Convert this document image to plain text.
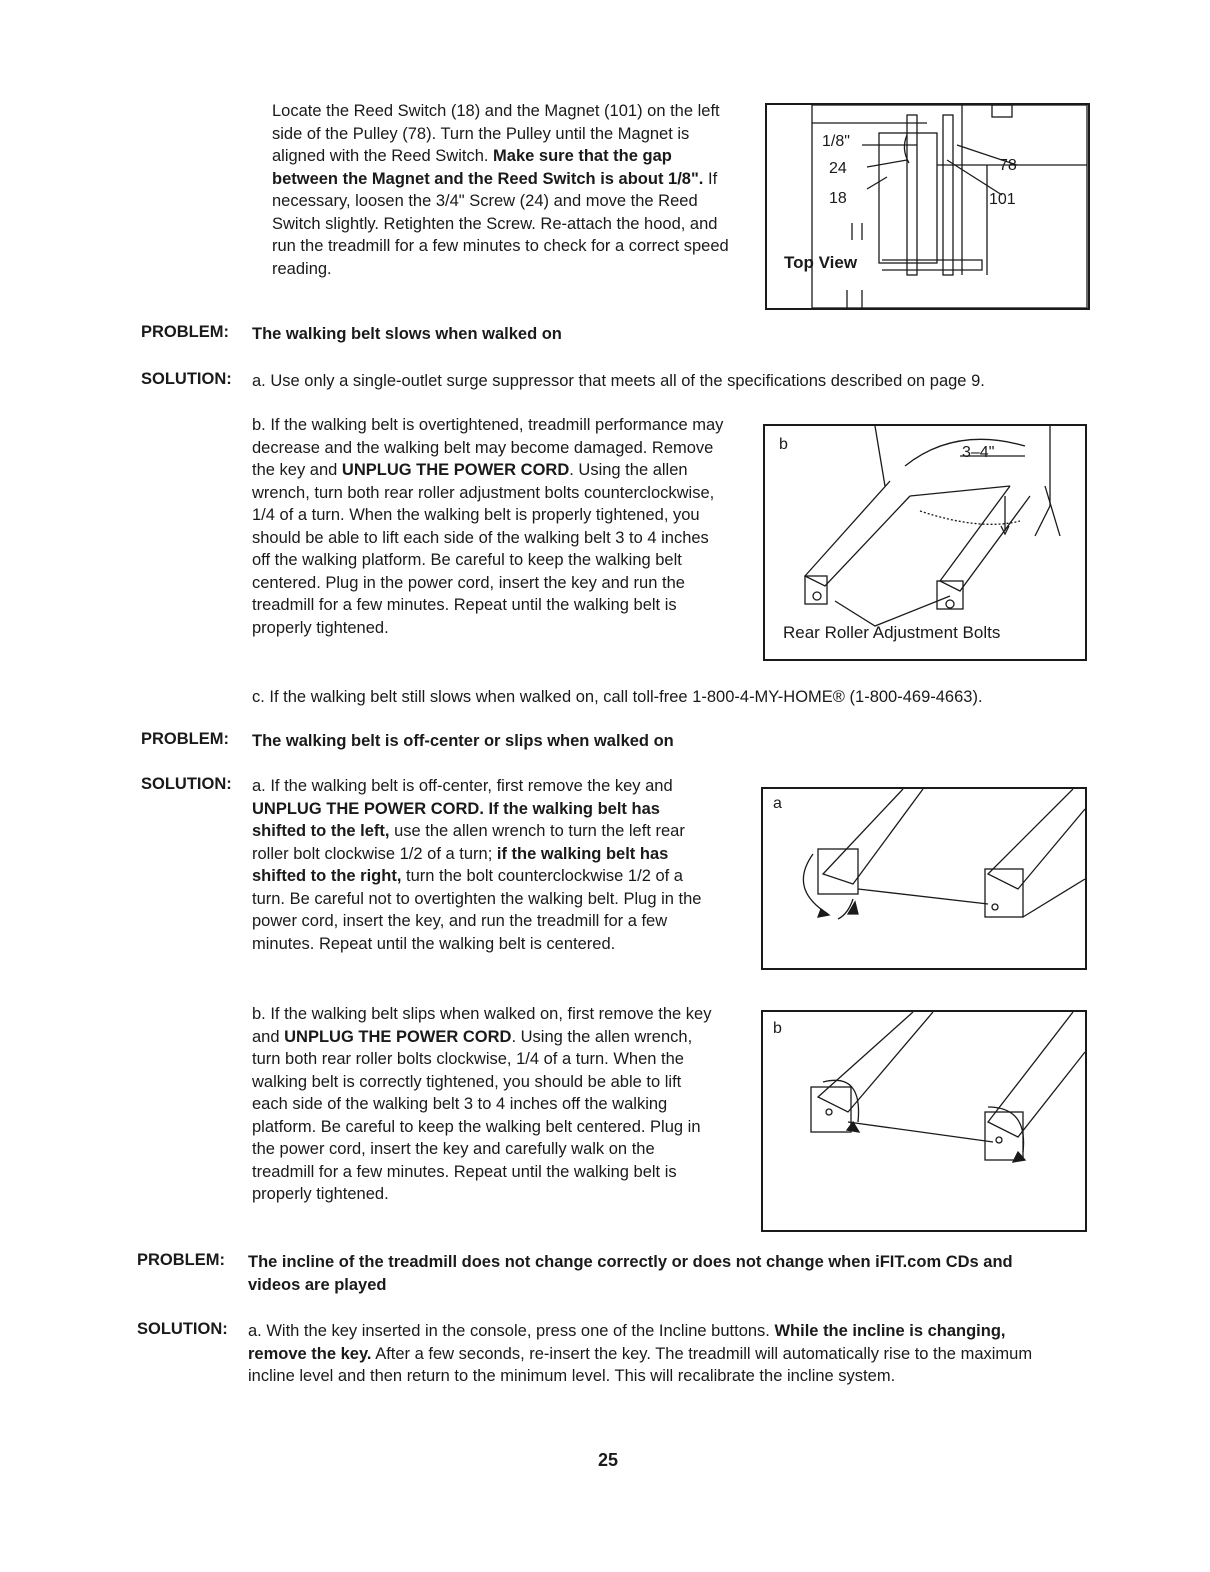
Locate the Reed Switch (18) and the Magnet (101) on the left side of the Pulley (78). Turn the Pulley until the Magnet is aligned with the Reed Switch. Make sure that the gap between the Magnet and the Reed Switch is about 1/8". If necessary, loosen the 3/4" Screw (24) and move the Reed Switch slightly. Retighten the Screw. Re-attach the hood, and run the treadmill for a few minutes to check for a correct speed reading.
1/8"
24
18
78
101
Top View
PROBLEM: The walking belt slows when walked on
SOLUTION: a. Use only a single-outlet surge suppressor that meets all of the specifications described on page 9.
b. If the walking belt is overtightened, treadmill performance may decrease and the walking belt may become damaged. Remove the key and UNPLUG THE POWER CORD. Using the allen wrench, turn both rear roller adjustment bolts counterclockwise, 1/4 of a turn. When the walking belt is properly tightened, you should be able to lift each side of the walking belt 3 to 4 inches off the walking platform. Be careful to keep the walking belt centered. Plug in the power cord, insert the key and run the treadmill for a few minutes. Repeat until the walking belt is properly tightened.
b	3–4"
Rear Roller Adjustment Bolts
c. If the walking belt still slows when walked on, call toll-free 1-800-4-MY-HOME® (1-800-469-4663).
PROBLEM: The walking belt is off-center or slips when walked on
SOLUTION: a. If the walking belt is off-center, first remove the key and UNPLUG THE POWER CORD. If the walking belt has shifted to the left, use the allen wrench to turn the left rear roller bolt clockwise 1/2 of a turn; if the walking belt has shifted to the right, turn the bolt counterclockwise 1/2 of a turn. Be careful not to overtighten the walking belt. Plug in the power cord, insert the key, and run the treadmill for a few minutes. Repeat until the walking belt is centered.
a
b. If the walking belt slips when walked on, first remove the key and UNPLUG THE POWER CORD. Using the allen wrench, turn both rear roller bolts clockwise, 1/4 of a turn. When the walking belt is correctly tightened, you should be able to lift each side of the walking belt 3 to 4 inches off the walking platform. Be careful to keep the walking belt centered. Plug in the power cord, insert the key and carefully walk on the treadmill for a few minutes. Repeat until the walking belt is properly tightened.
b
PROBLEM: The incline of the treadmill does not change correctly or does not change when iFIT.com CDs and videos are played
SOLUTION: a. With the key inserted in the console, press one of the Incline buttons. While the incline is changing, remove the key. After a few seconds, re-insert the key. The treadmill will automatically rise to the maximum incline level and then return to the minimum level. This will recalibrate the incline system.
25
